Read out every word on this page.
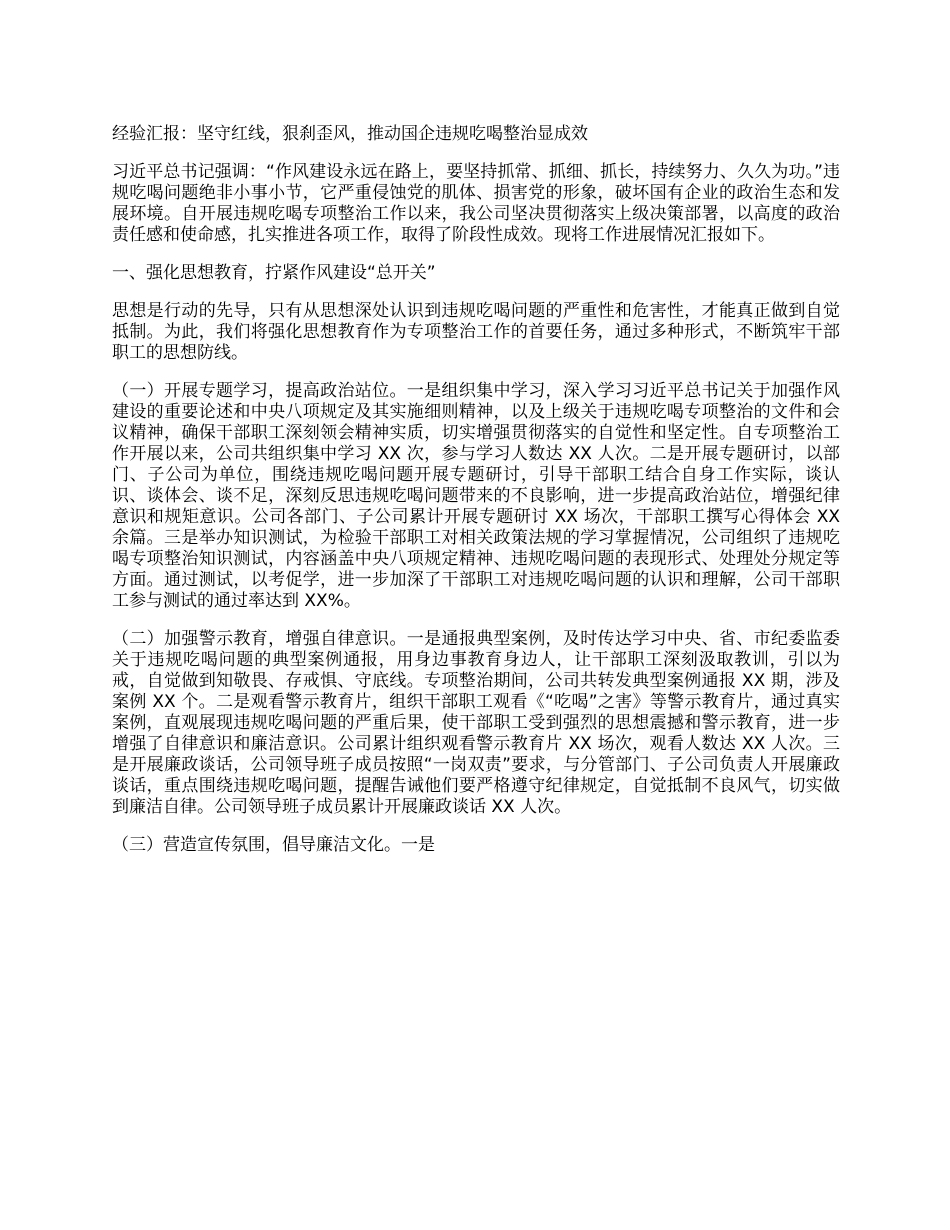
经验汇报：坚守红线，狠刹歪风，推动国企违规吃喝整治显成效

习近平总书记强调：“作风建设永远在路上，要坚持抓常、抓细、抓长，持续努力、久久为功。”违规吃喝问题绝非小事小节，它严重侵蚀党的肌体、损害党的形象，破坏国有企业的政治生态和发展环境。自开展违规吃喝专项整治工作以来，我公司坚决贯彻落实上级决策部署，以高度的政治责任感和使命感，扎实推进各项工作，取得了阶段性成效。现将工作进展情况汇报如下。

一、强化思想教育，拧紧作风建设“总开关”

思想是行动的先导，只有从思想深处认识到违规吃喝问题的严重性和危害性，才能真正做到自觉抵制。为此，我们将强化思想教育作为专项整治工作的首要任务，通过多种形式，不断筑牢干部职工的思想防线。

（一）开展专题学习，提高政治站位。一是组织集中学习，深入学习习近平总书记关于加强作风建设的重要论述和中央八项规定及其实施细则精神，以及上级关于违规吃喝专项整治的文件和会议精神，确保干部职工深刻领会精神实质，切实增强贯彻落实的自觉性和坚定性。自专项整治工作开展以来，公司共组织集中学习 XX 次，参与学习人数达 XX 人次。二是开展专题研讨，以部门、子公司为单位，围绕违规吃喝问题开展专题研讨，引导干部职工结合自身工作实际，谈认识、谈体会、谈不足，深刻反思违规吃喝问题带来的不良影响，进一步提高政治站位，增强纪律意识和规矩意识。公司各部门、子公司累计开展专题研讨 XX 场次，干部职工撰写心得体会 XX 余篇。三是举办知识测试，为检验干部职工对相关政策法规的学习掌握情况，公司组织了违规吃喝专项整治知识测试，内容涵盖中央八项规定精神、违规吃喝问题的表现形式、处理处分规定等方面。通过测试，以考促学，进一步加深了干部职工对违规吃喝问题的认识和理解，公司干部职工参与测试的通过率达到 XX%。

（二）加强警示教育，增强自律意识。一是通报典型案例，及时传达学习中央、省、市纪委监委关于违规吃喝问题的典型案例通报，用身边事教育身边人，让干部职工深刻汲取教训，引以为戒，自觉做到知敬畏、存戒惧、守底线。专项整治期间，公司共转发典型案例通报 XX 期，涉及案例 XX 个。二是观看警示教育片，组织干部职工观看《“吃喝”之害》等警示教育片，通过真实案例，直观展现违规吃喝问题的严重后果，使干部职工受到强烈的思想震撼和警示教育，进一步增强了自律意识和廉洁意识。公司累计组织观看警示教育片 XX 场次，观看人数达 XX 人次。三是开展廉政谈话，公司领导班子成员按照“一岗双责”要求，与分管部门、子公司负责人开展廉政谈话，重点围绕违规吃喝问题，提醒告诫他们要严格遵守纪律规定，自觉抵制不良风气，切实做到廉洁自律。公司领导班子成员累计开展廉政谈话 XX 人次。

（三）营造宣传氛围，倡导廉洁文化。一是
